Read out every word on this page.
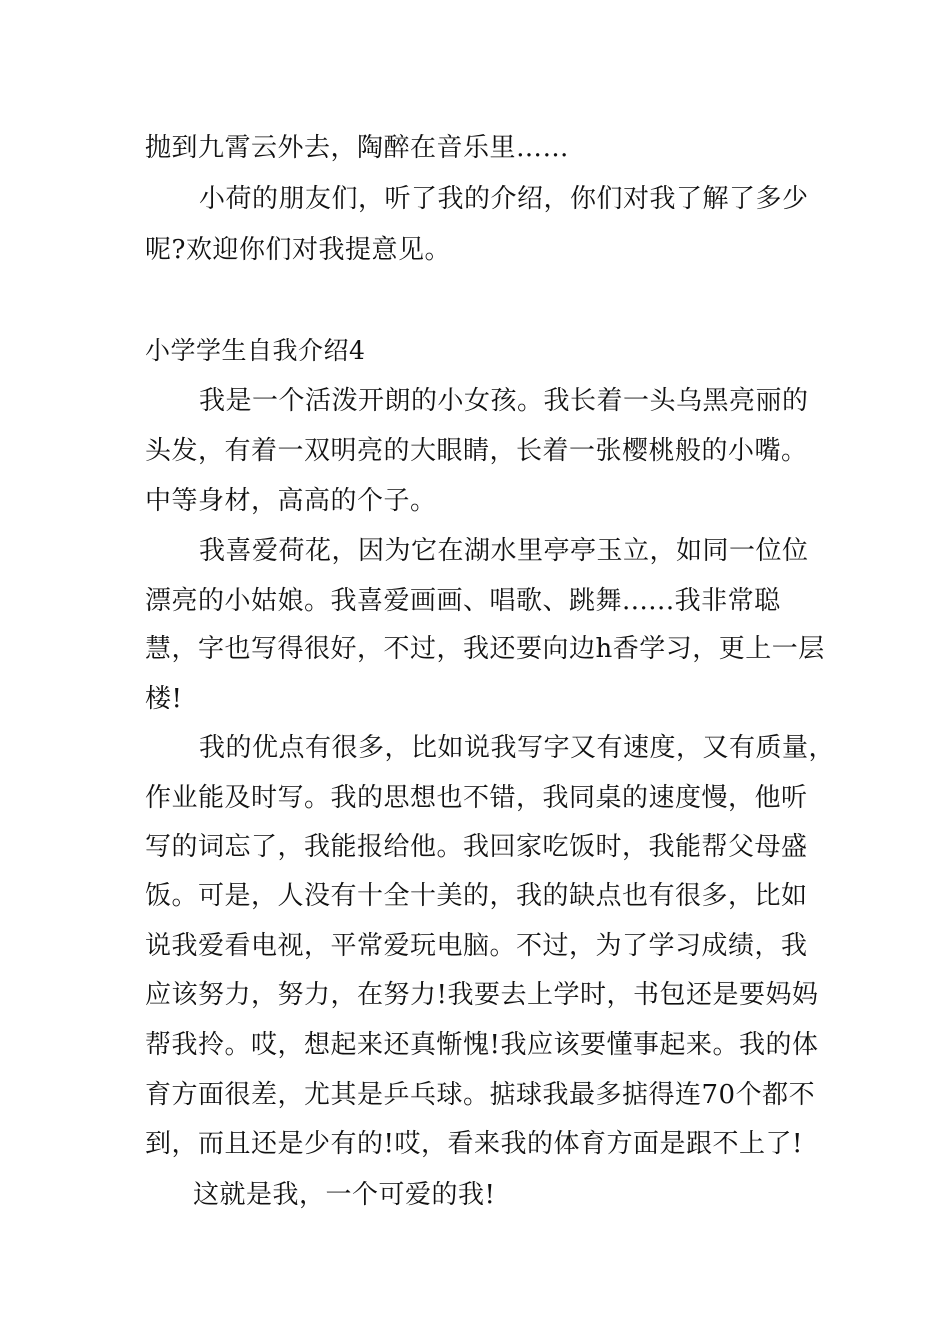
抛到九霄云外去，陶醉在音乐里……
小荷的朋友们，听了我的介绍，你们对我了解了多少
呢?欢迎你们对我提意见。
小学学生自我介绍4
我是一个活泼开朗的小女孩。我长着一头乌黑亮丽的
头发，有着一双明亮的大眼睛，长着一张樱桃般的小嘴。
中等身材，高高的个子。
我喜爱荷花，因为它在湖水里亭亭玉立，如同一位位
漂亮的小姑娘。我喜爱画画、唱歌、跳舞......我非常聪
慧，字也写得很好，不过，我还要向边h香学习，更上一层
楼!
我的优点有很多，比如说我写字又有速度，又有质量，
作业能及时写。我的思想也不错，我同桌的速度慢，他听
写的词忘了，我能报给他。我回家吃饭时，我能帮父母盛
饭。可是，人没有十全十美的，我的缺点也有很多，比如
说我爱看电视，平常爱玩电脑。不过，为了学习成绩，我
应该努力，努力，在努力!我要去上学时，书包还是要妈妈
帮我拎。哎，想起来还真惭愧!我应该要懂事起来。我的体
育方面很差，尤其是乒乓球。掂球我最多掂得连70个都不
到，而且还是少有的!哎，看来我的体育方面是跟不上了!
这就是我，一个可爱的我!
